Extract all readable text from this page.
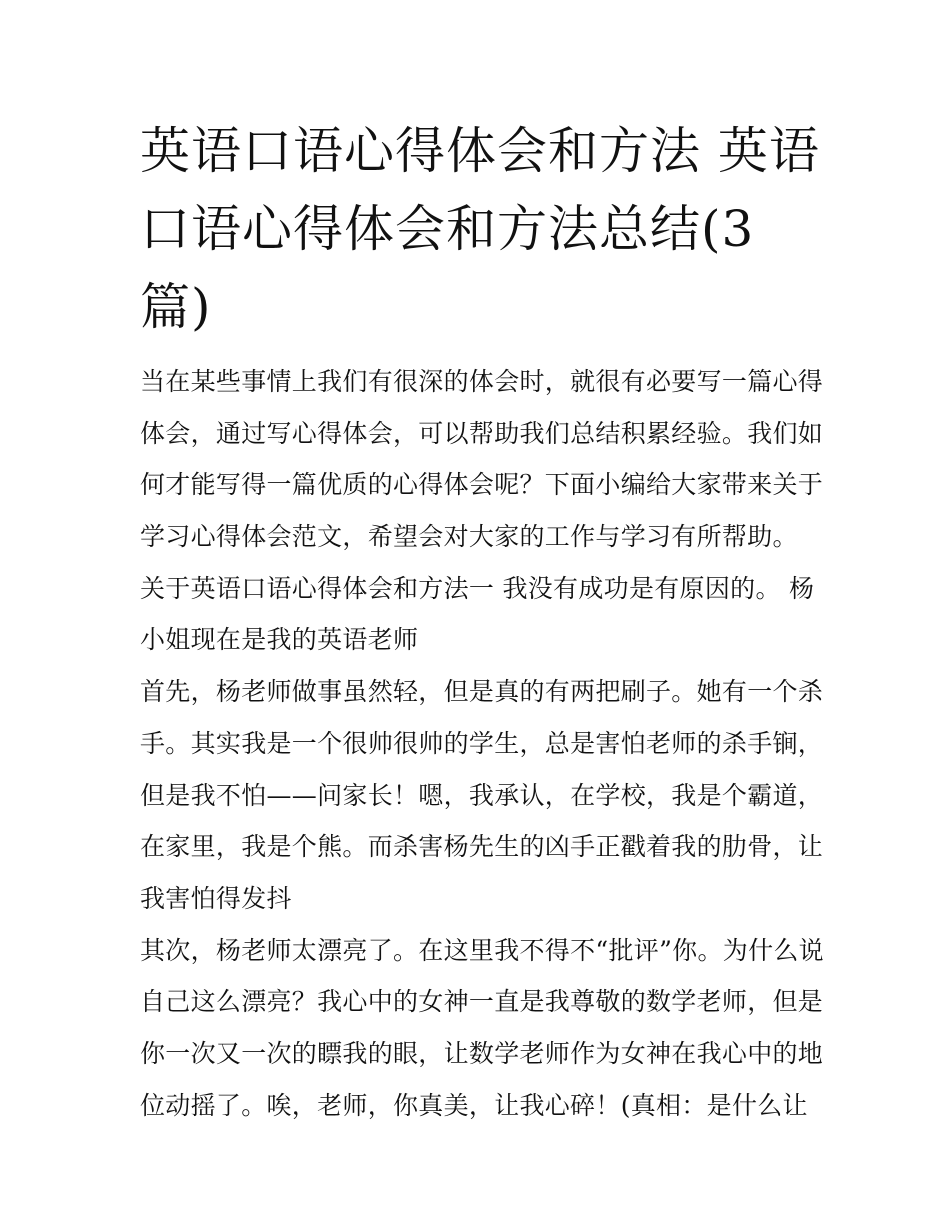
英语口语心得体会和方法 英语
口语心得体会和方法总结(3
篇)
当在某些事情上我们有很深的体会时，就很有必要写一篇心得
体会，通过写心得体会，可以帮助我们总结积累经验。我们如
何才能写得一篇优质的心得体会呢？下面小编给大家带来关于
学习心得体会范文，希望会对大家的工作与学习有所帮助。
关于英语口语心得体会和方法一 我没有成功是有原因的。 杨
小姐现在是我的英语老师
首先，杨老师做事虽然轻，但是真的有两把刷子。她有一个杀
手。其实我是一个很帅很帅的学生，总是害怕老师的杀手锏，
但是我不怕——问家长！嗯，我承认，在学校，我是个霸道，
在家里，我是个熊。而杀害杨先生的凶手正戳着我的肋骨，让
我害怕得发抖
其次，杨老师太漂亮了。在这里我不得不“批评”你。为什么说
自己这么漂亮？我心中的女神一直是我尊敬的数学老师，但是
你一次又一次的瞟我的眼，让数学老师作为女神在我心中的地
位动摇了。唉，老师，你真美，让我心碎！(真相：是什么让
